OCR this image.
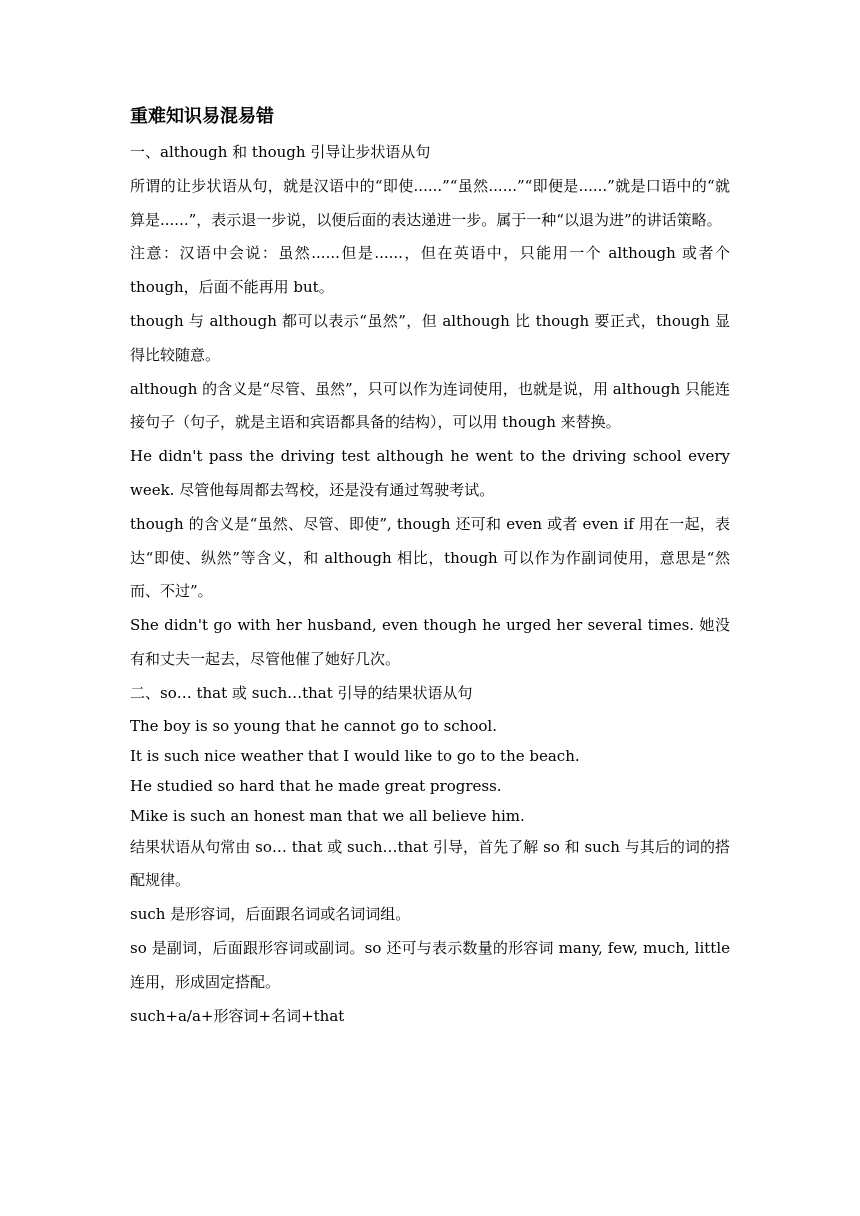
重难知识易混易错

一、although 和 though 引导让步状语从句

所谓的让步状语从句，就是汉语中的“即使......”“虽然......”“即便是......”就是口语中的“就算是......”，表示退一步说，以便后面的表达递进一步。属于一种“以退为进”的讲话策略。

注意：汉语中会说：虽然......但是......，但在英语中，只能用一个 although 或者个 though，后面不能再用 but。

though 与 although 都可以表示“虽然”，但 although 比 though 要正式，though 显得比较随意。

although 的含义是“尽管、虽然”，只可以作为连词使用，也就是说，用 although 只能连接句子（句子，就是主语和宾语都具备的结构），可以用 though 来替换。

He didn't pass the driving test although he went to the driving school every week. 尽管他每周都去驾校，还是没有通过驾驶考试。

though 的含义是“虽然、尽管、即使”, though 还可和 even 或者 even if 用在一起，表达“即使、纵然”等含义，和 although 相比，though 可以作为作副词使用，意思是“然而、不过”。

She didn't go with her husband, even though he urged her several times. 她没有和丈夫一起去，尽管他催了她好几次。

二、so… that 或 such…that 引导的结果状语从句

The boy is so young that he cannot go to school.

It is such nice weather that I would like to go to the beach.

He studied so hard that he made great progress.

Mike is such an honest man that we all believe him.

结果状语从句常由 so… that 或 such…that 引导，首先了解 so 和 such 与其后的词的搭配规律。

such 是形容词，后面跟名词或名词词组。

so 是副词，后面跟形容词或副词。so 还可与表示数量的形容词 many, few, much, little 连用，形成固定搭配。

such+a/a+形容词+名词+that
